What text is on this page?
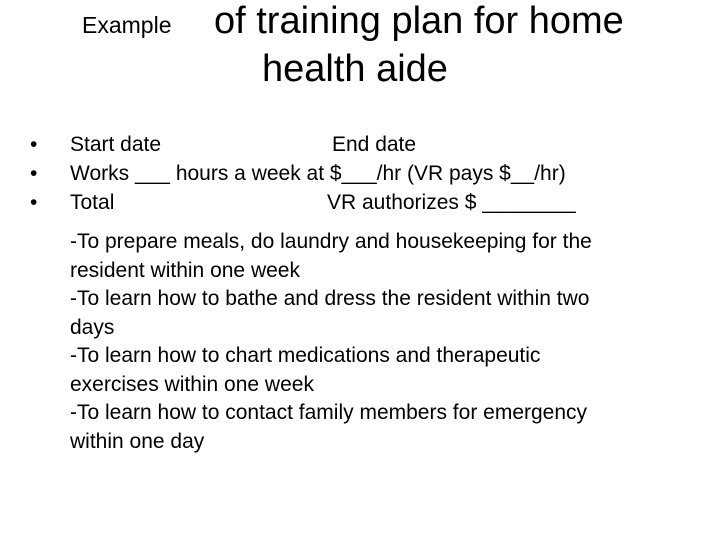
Example of training plan for home
health aide
•	Start date	End date
•	Works ___ hours a week at $___/hr (VR pays $__/hr)
•	Total	VR authorizes $ ________
-To prepare meals, do laundry and housekeeping for the
resident within one week
-To learn how to bathe and dress the resident within two
days
-To learn how to chart medications and therapeutic
exercises within one week
-To learn how to contact family members for emergency
within one day
